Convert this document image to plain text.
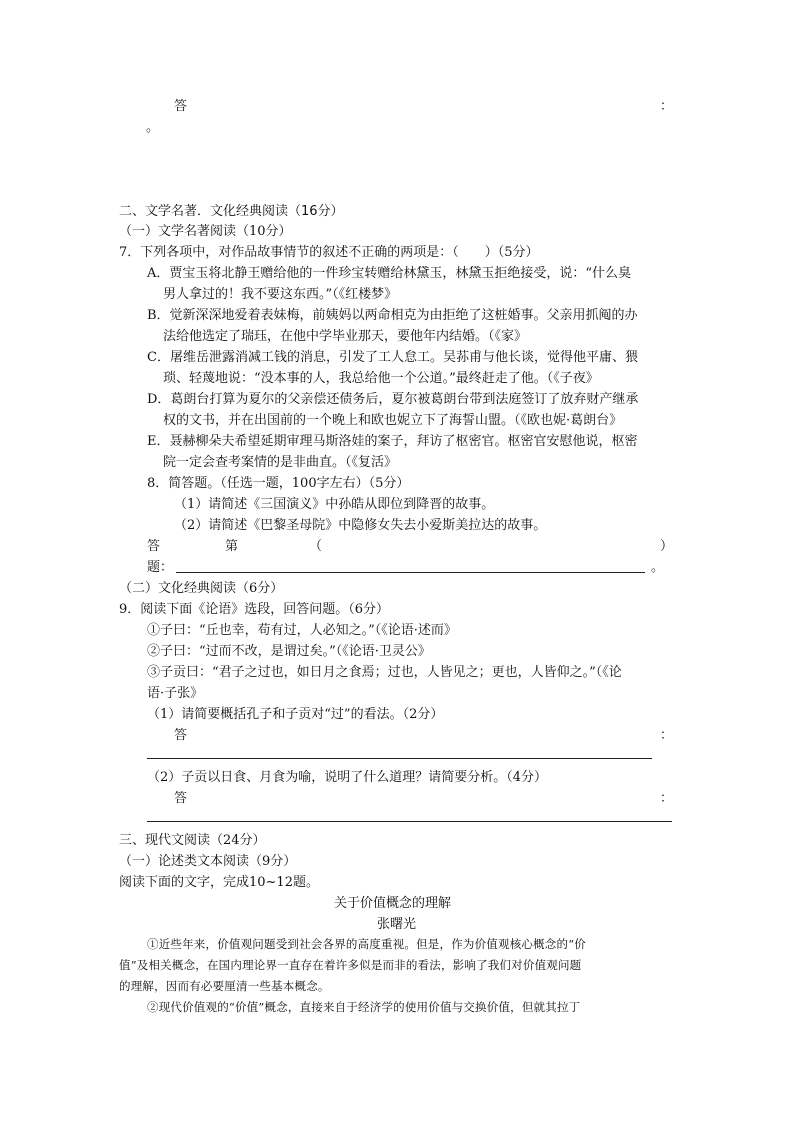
答	：
。
二、文学名著．文化经典阅读（16分）
（一）文学名著阅读（10分）
7．下列各项中，对作品故事情节的叙述不正确的两项是：（　　）（5分）
A．贾宝玉将北静王赠给他的一件珍宝转赠给林黛玉，林黛玉拒绝接受，说：“什么臭
男人拿过的！我不要这东西。”（《红楼梦》
B．觉新深深地爱着表妹梅，前姨妈以两命相克为由拒绝了这桩婚事。父亲用抓阄的办
法给他选定了瑞珏，在他中学毕业那天，要他年内结婚。（《家》
C．屠维岳泄露消减工钱的消息，引发了工人怠工。吴荪甫与他长谈，觉得他平庸、猥
琐、轻蔑地说：“没本事的人，我总给他一个公道。”最终赶走了他。（《子夜》
D．葛朗台打算为夏尔的父亲偿还债务后，夏尔被葛朗台带到法庭签订了放弃财产继承
权的文书，并在出国前的一个晚上和欧也妮立下了海誓山盟。（《欧也妮·葛朗台》
E．聂赫柳朵夫希望延期审理马斯洛娃的案子，拜访了枢密官。枢密官安慰他说，枢密
院一定会查考案情的是非曲直。（《复活》
8．简答题。（任选一题，100字左右）（5分）
（1）请简述《三国演义》中孙皓从即位到降晋的故事。
（2）请简述《巴黎圣母院》中隐修女失去小爱斯美拉达的故事。
答	第	（	）
题：	。
（二）文化经典阅读（6分）
9．阅读下面《论语》选段，回答问题。（6分）
①子曰：“丘也幸，苟有过，人必知之。”（《论语·述而》
②子曰：“过而不改，是谓过矣。”（《论语·卫灵公》
③子贡曰：“君子之过也，如日月之食焉；过也，人皆见之；更也，人皆仰之。”（《论
语·子张》
（1）请简要概括孔子和子贡对“过”的看法。（2分）
答	：
（2）子贡以日食、月食为喻，说明了什么道理？请简要分析。（4分）
答	：
三、现代文阅读（24分）
（一）论述类文本阅读（9分）
阅读下面的文字，完成10~12题。
关于价值概念的理解
张曙光
①近些年来，价值观问题受到社会各界的高度重视。但是，作为价值观核心概念的“价
值”及相关概念，在国内理论界一直存在着许多似是而非的看法，影响了我们对价值观问题
的理解，因而有必要厘清一些基本概念。
②现代价值观的“价值”概念，直接来自于经济学的使用价值与交换价值，但就其拉丁
